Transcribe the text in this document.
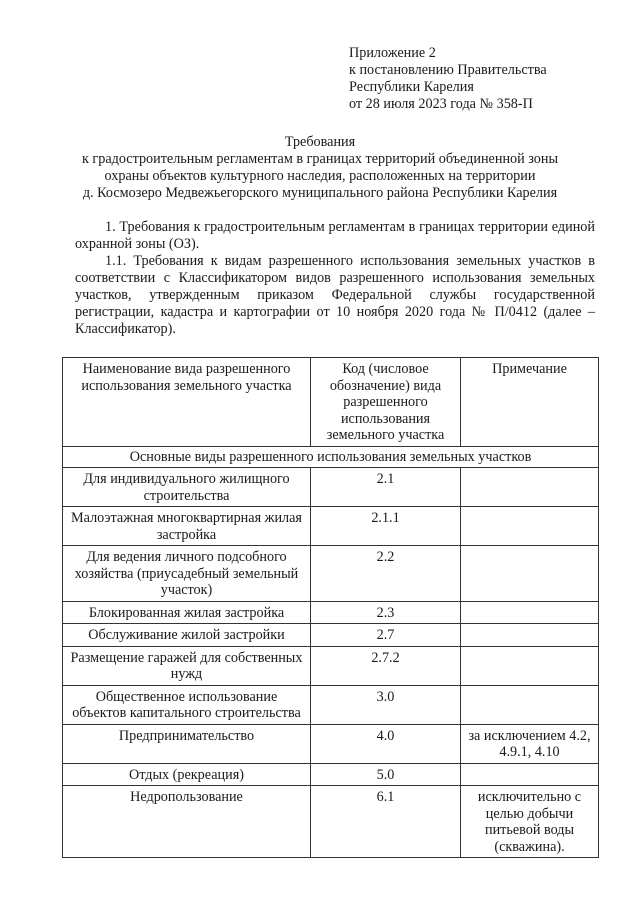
Приложение 2
к постановлению Правительства
Республики Карелия
от 28 июля 2023 года № 358-П
Требования
к градостроительным регламентам в границах территорий объединенной зоны
охраны объектов культурного наследия, расположенных на территории
д. Космозеро Медвежьегорского муниципального района Республики Карелия
1. Требования к градостроительным регламентам в границах территории единой охранной зоны (ОЗ).
1.1. Требования к видам разрешенного использования земельных участков в соответствии с Классификатором видов разрешенного использования земельных участков, утвержденным приказом Федеральной службы государственной регистрации, кадастра и картографии от 10 ноября 2020 года № П/0412 (далее – Классификатор).
Наименование вида разрешенного использования земельного участка	Код (числовое обозначение) вида разрешенного использования земельного участка	Примечание
Основные виды разрешенного использования земельных участков		
Для индивидуального жилищного строительства	2.1	
Малоэтажная многоквартирная жилая застройка	2.1.1	
Для ведения личного подсобного хозяйства (приусадебный земельный участок)	2.2	
Блокированная жилая застройка	2.3	
Обслуживание жилой застройки	2.7	
Размещение гаражей для собственных нужд	2.7.2	
Общественное использование объектов капитального строительства	3.0	
Предпринимательство	4.0	за исключением 4.2, 4.9.1, 4.10
Отдых (рекреация)	5.0	
Недропользование	6.1	исключительно с целью добычи питьевой воды (скважина).
